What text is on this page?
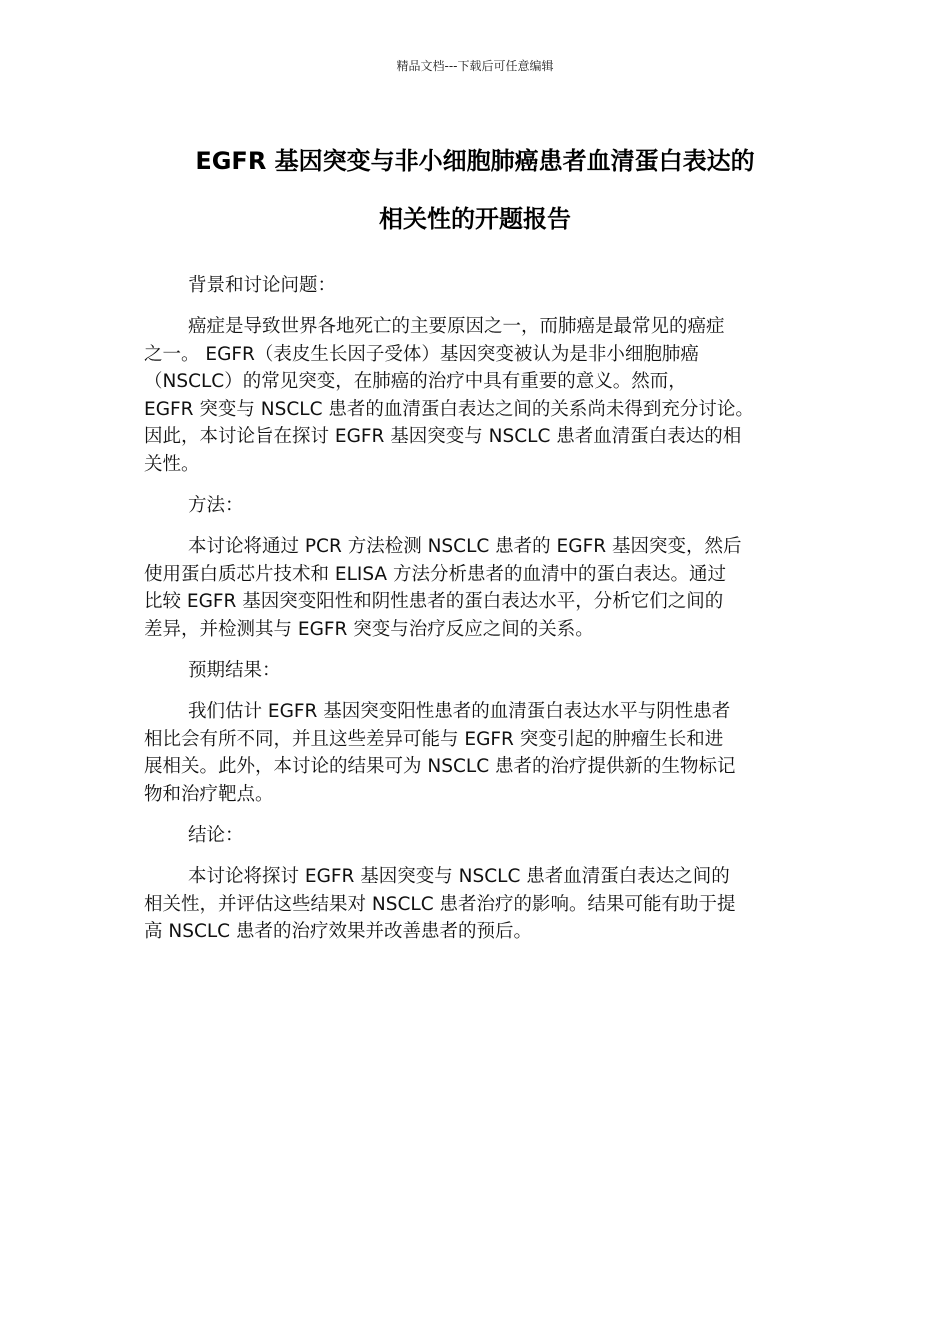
精品文档---下载后可任意编辑
EGFR 基因突变与非小细胞肺癌患者血清蛋白表达的
相关性的开题报告
背景和讨论问题：
癌症是导致世界各地死亡的主要原因之一，而肺癌是最常见的癌症
之一。 EGFR（表皮生长因子受体）基因突变被认为是非小细胞肺癌
（NSCLC）的常见突变，在肺癌的治疗中具有重要的意义。然而，
EGFR 突变与 NSCLC 患者的血清蛋白表达之间的关系尚未得到充分讨论。
因此，本讨论旨在探讨 EGFR 基因突变与 NSCLC 患者血清蛋白表达的相
关性。
方法：
本讨论将通过 PCR 方法检测 NSCLC 患者的 EGFR 基因突变，然后
使用蛋白质芯片技术和 ELISA 方法分析患者的血清中的蛋白表达。通过
比较 EGFR 基因突变阳性和阴性患者的蛋白表达水平，分析它们之间的
差异，并检测其与 EGFR 突变与治疗反应之间的关系。
预期结果：
我们估计 EGFR 基因突变阳性患者的血清蛋白表达水平与阴性患者
相比会有所不同，并且这些差异可能与 EGFR 突变引起的肿瘤生长和进
展相关。此外，本讨论的结果可为 NSCLC 患者的治疗提供新的生物标记
物和治疗靶点。
结论：
本讨论将探讨 EGFR 基因突变与 NSCLC 患者血清蛋白表达之间的
相关性，并评估这些结果对 NSCLC 患者治疗的影响。结果可能有助于提
高 NSCLC 患者的治疗效果并改善患者的预后。
